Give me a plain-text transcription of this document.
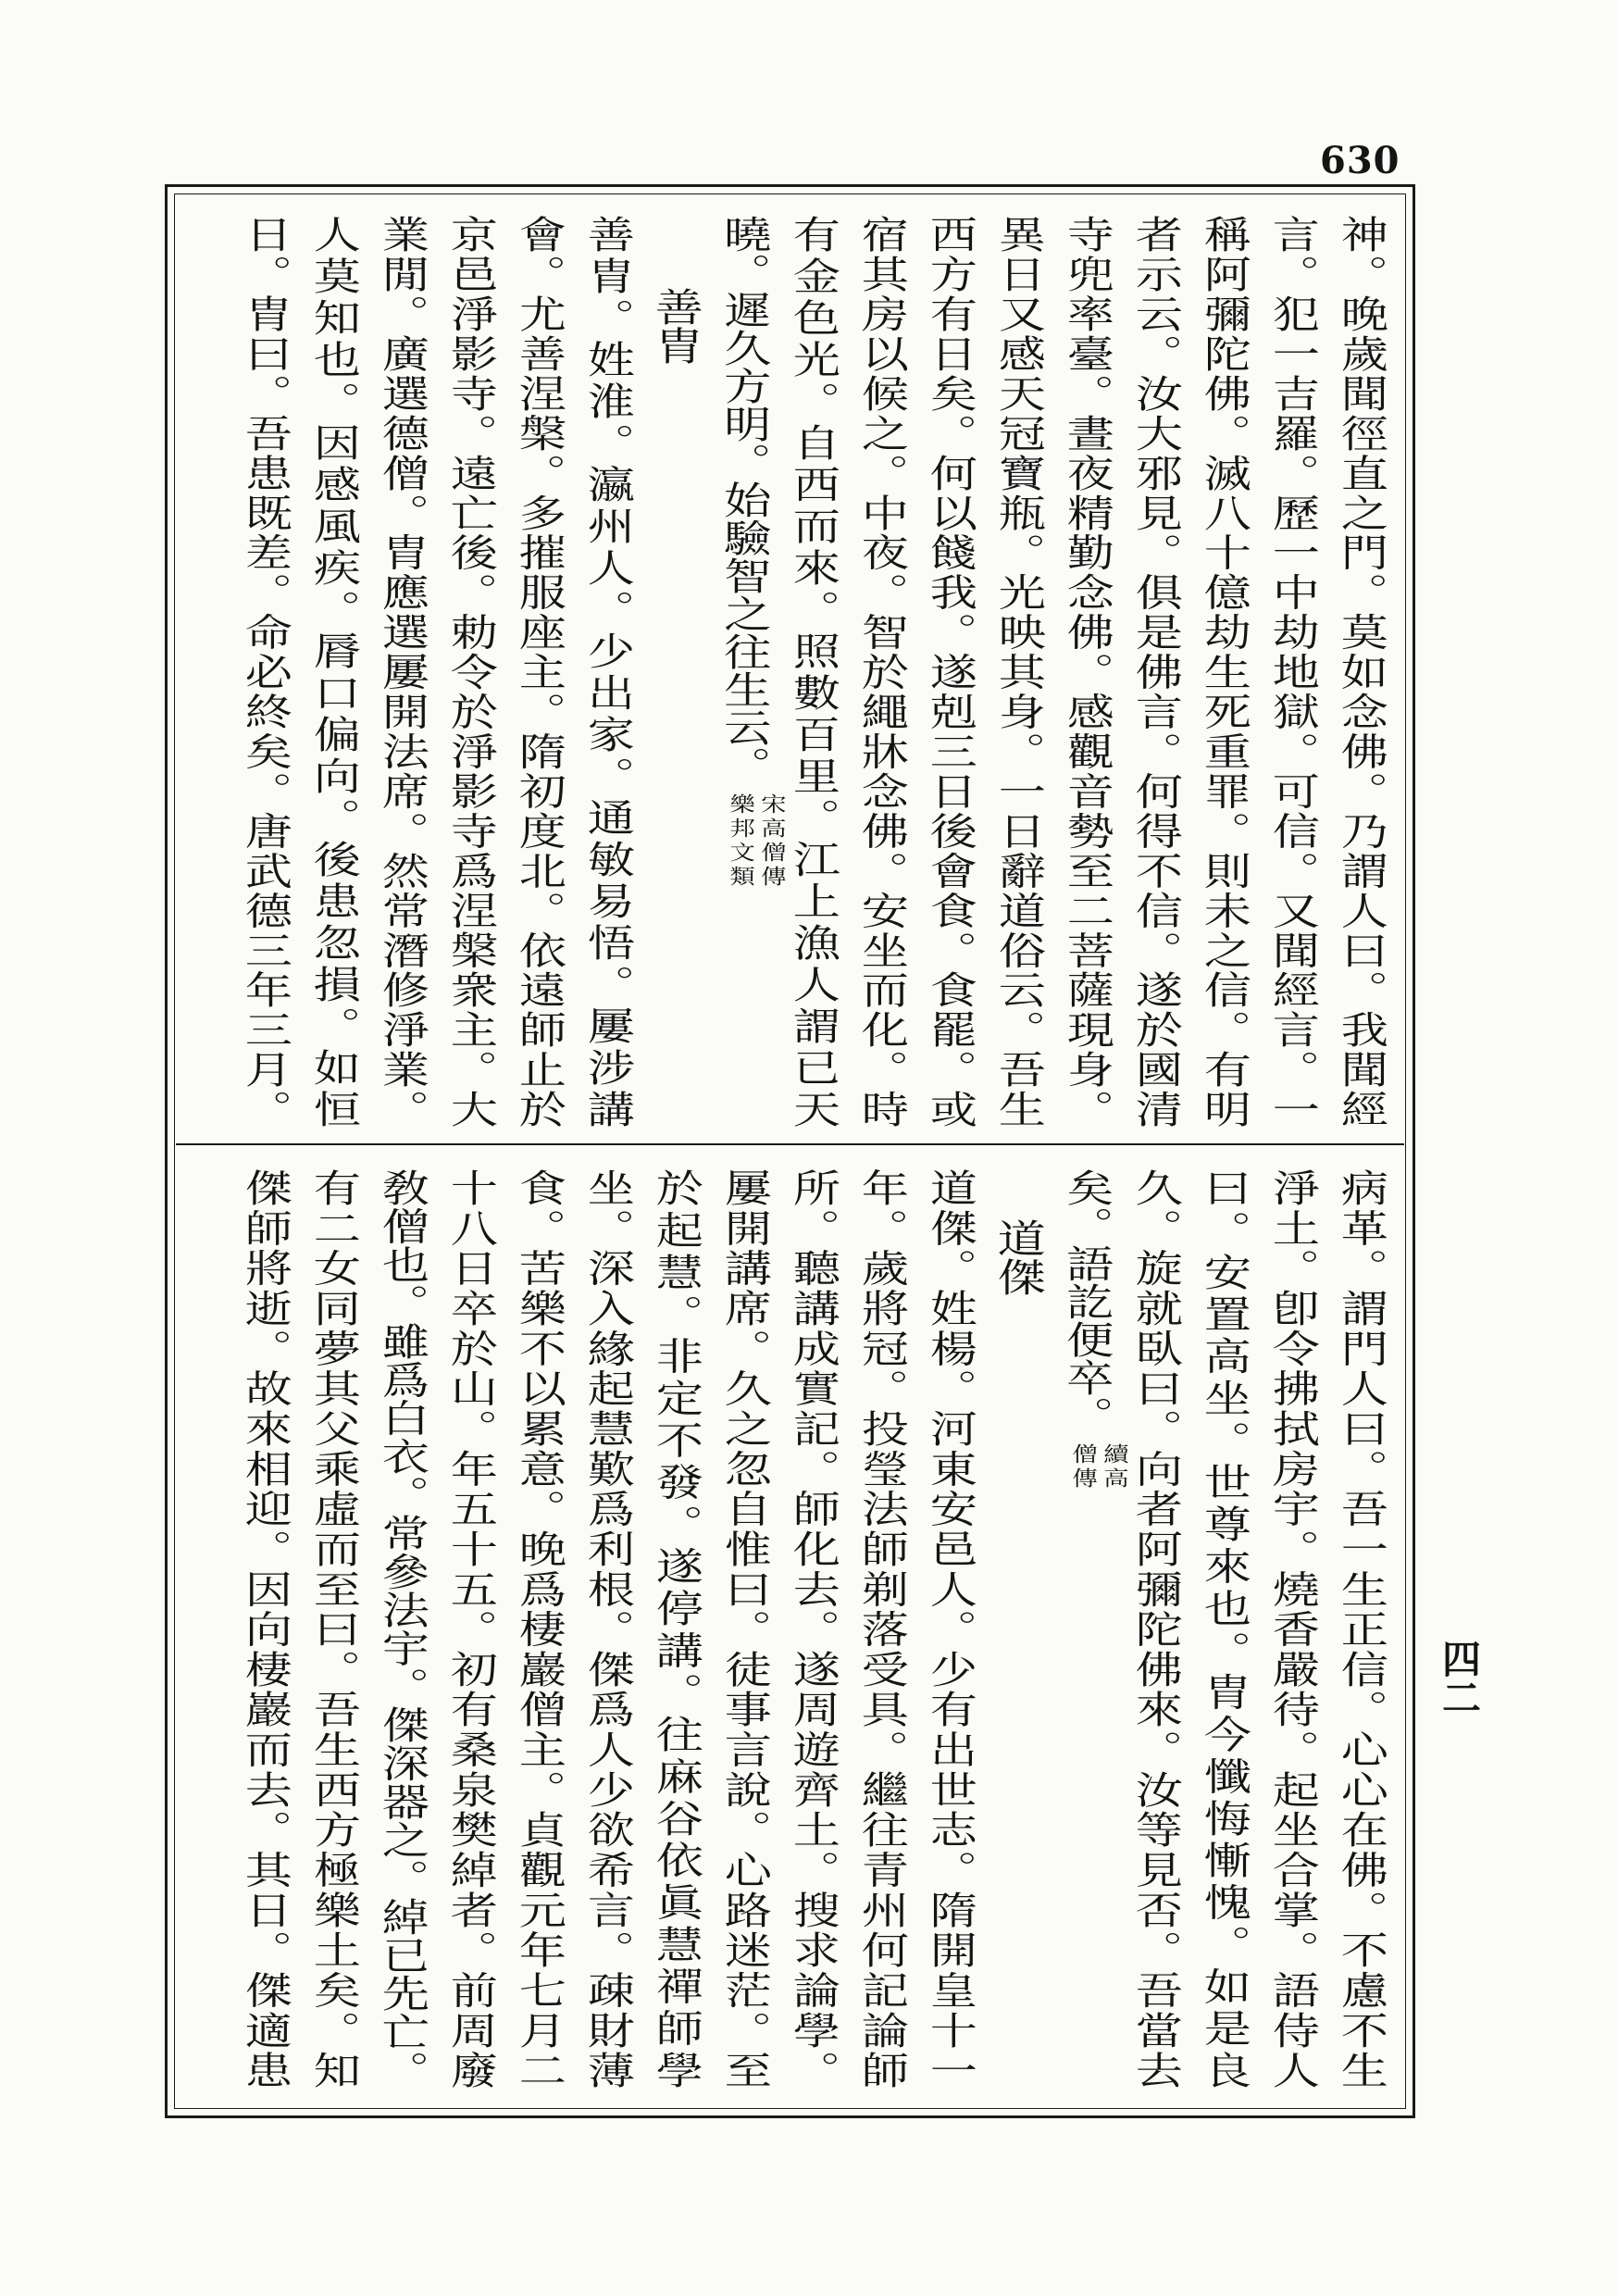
630
神。晚歲聞徑直之門。莫如念佛。乃謂人曰。我聞經
言。犯一吉羅。歷一中劫地獄。可信。又聞經言。一
稱阿彌陀佛。滅八十億劫生死重罪。則未之信。有明
者示云。汝大邪見。俱是佛言。何得不信。遂於國清
寺兜率臺。晝夜精勤念佛。感觀音勢至二菩薩現身。
異日又感天冠寶瓶。光映其身。一日辭道俗云。吾生
西方有日矣。何以餞我。遂剋三日後會食。食罷。或
宿其房以候之。中夜。智於繩牀念佛。安坐而化。時
有金色光。自西而來。照數百里。江上漁人謂已天
曉。遲久方明。始驗智之往生云。
宋高僧傳
樂邦文類
善胄
善胄。姓淮。瀛州人。少出家。通敏易悟。屢涉講
會。尤善涅槃。多摧服座主。隋初度北。依遠師止於
京邑淨影寺。遠亡後。勅令於淨影寺爲涅槃衆主。大
業閒。廣選德僧。胄應選屢開法席。然常潛修淨業。
人莫知也。因感風疾。脣口偏向。後患忽損。如恒
日。胄曰。吾患既差。命必終矣。唐武德三年三月。
病革。謂門人曰。吾一生正信。心心在佛。不慮不生
淨土。卽令拂拭房宇。燒香嚴待。起坐合掌。語侍人
曰。安置高坐。世尊來也。胄今懺悔慚愧。如是良
久。旋就臥曰。向者阿彌陀佛來。汝等見否。吾當去
矣。語訖便卒。
續高
僧傳
道傑
道傑。姓楊。河東安邑人。少有出世志。隋開皇十一
年。歲將冠。投瑩法師剃落受具。繼往青州何記論師
所。聽講成實記。師化去。遂周遊齊土。搜求論學。
屢開講席。久之忽自惟曰。徒事言說。心路迷茫。至
於起慧。非定不發。遂停講。往麻谷依眞慧禪師學
坐。深入緣起慧歎爲利根。傑爲人少欲希言。疎財薄
食。苦樂不以累意。晚爲棲巖僧主。貞觀元年七月二
十八日卒於山。年五十五。初有桑泉樊綽者。前周廢
敎僧也。雖爲白衣。常參法宇。傑深器之。綽已先亡。
有二女同夢其父乘虛而至曰。吾生西方極樂土矣。知
傑師將逝。故來相迎。因向棲巖而去。其日。傑適患	四二
